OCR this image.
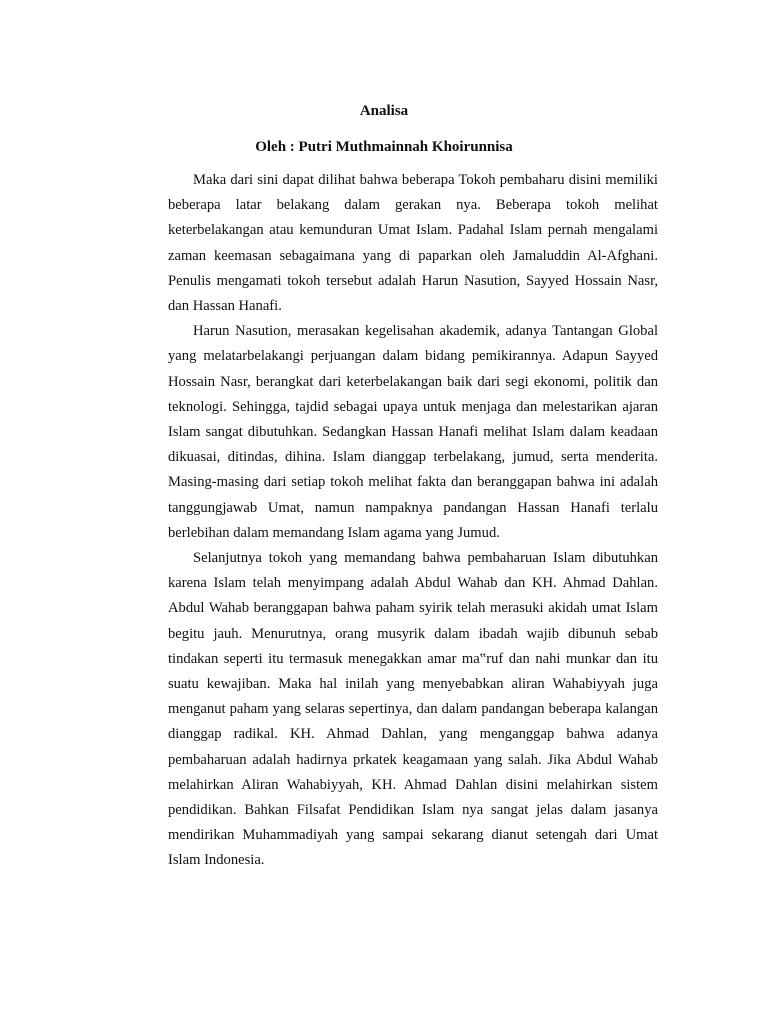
Analisa
Oleh : Putri Muthmainnah Khoirunnisa

Maka dari sini dapat dilihat bahwa beberapa Tokoh pembaharu disini memiliki beberapa latar belakang dalam gerakan nya. Beberapa tokoh melihat keterbelakangan atau kemunduran Umat Islam. Padahal Islam pernah mengalami zaman keemasan sebagaimana yang di paparkan oleh Jamaluddin Al-Afghani. Penulis mengamati tokoh tersebut adalah Harun Nasution, Sayyed Hossain Nasr, dan Hassan Hanafi.

Harun Nasution, merasakan kegelisahan akademik, adanya Tantangan Global yang melatarbelakangi perjuangan dalam bidang pemikirannya. Adapun Sayyed Hossain Nasr, berangkat dari keterbelakangan baik dari segi ekonomi, politik dan teknologi. Sehingga, tajdid sebagai upaya untuk menjaga dan melestarikan ajaran Islam sangat dibutuhkan. Sedangkan Hassan Hanafi melihat Islam dalam keadaan dikuasai, ditindas, dihina. Islam dianggap terbelakang, jumud, serta menderita. Masing-masing dari setiap tokoh melihat fakta dan beranggapan bahwa ini adalah tanggungjawab Umat, namun nampaknya pandangan Hassan Hanafi terlalu berlebihan dalam memandang Islam agama yang Jumud.

Selanjutnya tokoh yang memandang bahwa pembaharuan Islam dibutuhkan karena Islam telah menyimpang adalah Abdul Wahab dan KH. Ahmad Dahlan. Abdul Wahab beranggapan bahwa paham syirik telah merasuki akidah umat Islam begitu jauh. Menurutnya, orang musyrik dalam ibadah wajib dibunuh sebab tindakan seperti itu termasuk menegakkan amar ma‟ruf dan nahi munkar dan itu suatu kewajiban. Maka hal inilah yang menyebabkan aliran Wahabiyyah juga menganut paham yang selaras sepertinya, dan dalam pandangan beberapa kalangan dianggap radikal. KH. Ahmad Dahlan, yang menganggap bahwa adanya pembaharuan adalah hadirnya prkatek keagamaan yang salah. Jika Abdul Wahab melahirkan Aliran Wahabiyyah, KH. Ahmad Dahlan disini melahirkan sistem pendidikan. Bahkan Filsafat Pendidikan Islam nya sangat jelas dalam jasanya mendirikan Muhammadiyah yang sampai sekarang dianut setengah dari Umat Islam Indonesia.
